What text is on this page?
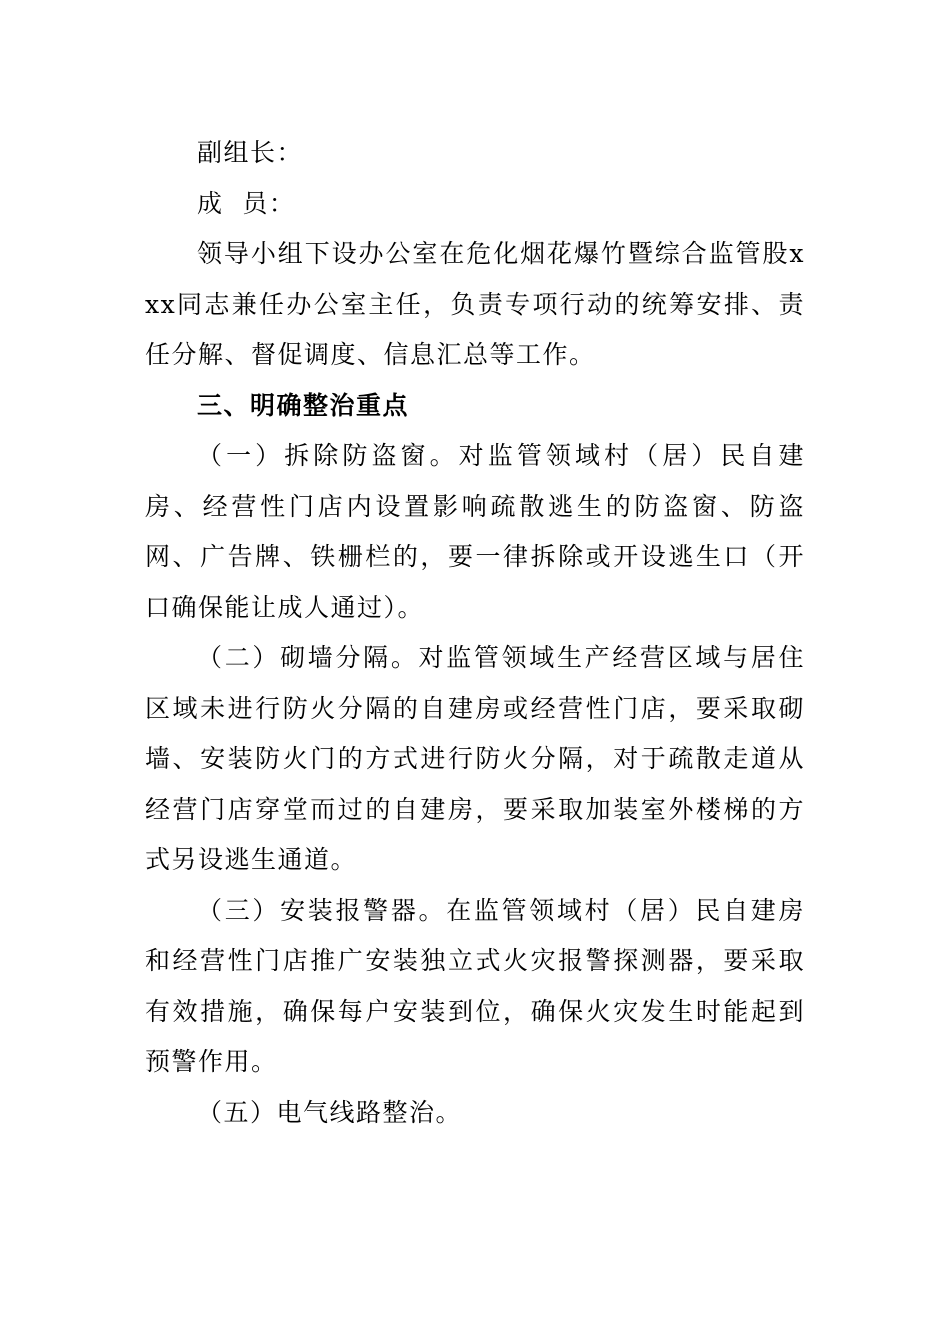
副组长：

成  员：

领导小组下设办公室在危化烟花爆竹暨综合监管股xxx同志兼任办公室主任，负责专项行动的统筹安排、责任分解、督促调度、信息汇总等工作。

三、明确整治重点

（一）拆除防盗窗。对监管领域村（居）民自建房、经营性门店内设置影响疏散逃生的防盗窗、防盗网、广告牌、铁栅栏的，要一律拆除或开设逃生口（开口确保能让成人通过）。

（二）砌墙分隔。对监管领域生产经营区域与居住区域未进行防火分隔的自建房或经营性门店，要采取砌墙、安装防火门的方式进行防火分隔，对于疏散走道从经营门店穿堂而过的自建房，要采取加装室外楼梯的方式另设逃生通道。

（三）安装报警器。在监管领域村（居）民自建房和经营性门店推广安装独立式火灾报警探测器，要采取有效措施，确保每户安装到位，确保火灾发生时能起到预警作用。

（五）电气线路整治。
